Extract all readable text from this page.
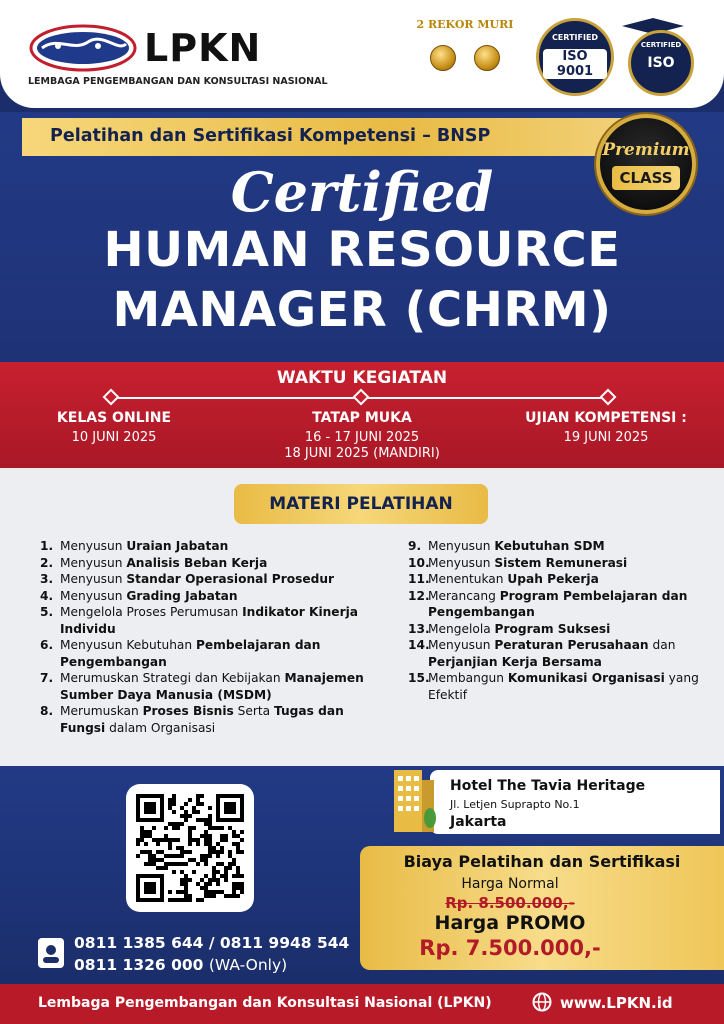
LPKN
LEMBAGA PENGEMBANGAN DAN KONSULTASI NASIONAL
2 REKOR MURI

CERTIFIED
ISO 9001
CERTIFIED
ISO
Pelatihan dan Sertifikasi Kompetensi – BNSP
Premium
CLASS
Certified
HUMAN RESOURCE
MANAGER (CHRM)
WAKTU KEGIATAN
KELAS ONLINE
10 JUNI 2025
TATAP MUKA
16 - 17 JUNI 2025
18 JUNI 2025 (MANDIRI)
UJIAN KOMPETENSI :
19 JUNI 2025
MATERI PELATIHAN
1. Menyusun Uraian Jabatan
2. Menyusun Analisis Beban Kerja
3. Menyusun Standar Operasional Prosedur
4. Menyusun Grading Jabatan
5. Mengelola Proses Perumusan Indikator Kinerja Individu
6. Menyusun Kebutuhan Pembelajaran dan Pengembangan
7. Merumuskan Strategi dan Kebijakan Manajemen Sumber Daya Manusia (MSDM)
8. Merumuskan Proses Bisnis Serta Tugas dan Fungsi dalam Organisasi
9. Menyusun Kebutuhan SDM
10.
Menyusun Sistem Remunerasi
11.
Menentukan Upah Pekerja
12.
Merancang Program Pembelajaran dan Pengembangan
13.
Mengelola Program Suksesi
14.
Menyusun Peraturan Perusahaan dan Perjanjian Kerja Bersama
15.
Membangun Komunikasi Organisasi yang Efektif
0811 1385 644 / 0811 9948 544
0811 1326 000 (WA-Only)
Hotel The Tavia Heritage
Jl. Letjen Suprapto No.1
Jakarta
Biaya Pelatihan dan Sertifikasi
Harga Normal
Rp. 8.500.000,-
Harga PROMO
Rp. 7.500.000,-
Lembaga Pengembangan dan Konsultasi Nasional (LPKN)	www.LPKN.id
